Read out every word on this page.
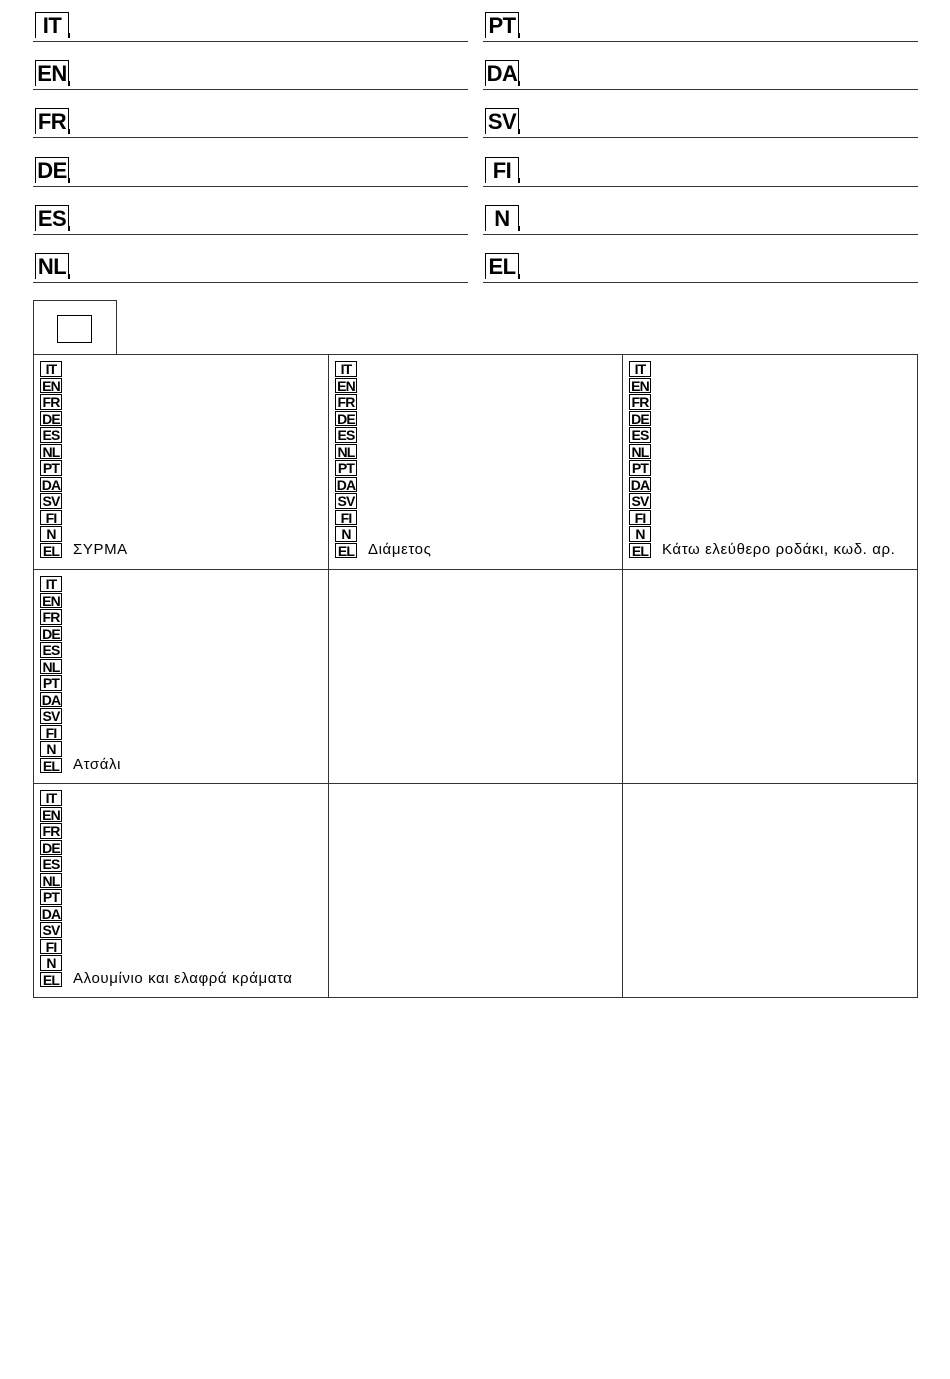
IT
EN
FR
DE
ES
NL
PT
DA
SV
FI
N
EL
IT
EN
FR
DE
ES
NL
PT
DA
SV
FI
N
EL ΣΥΡΜΑ
IT
EN
FR
DE
ES
NL
PT
DA
SV
FI
N
EL Διάμετος
IT
EN
FR
DE
ES
NL
PT
DA
SV
FI
N
EL Κάτω ελεύθερο ροδάκι, κωδ. αρ.
IT
EN
FR
DE
ES
NL
PT
DA
SV
FI
N
EL Ατσάλι
IT
EN
FR
DE
ES
NL
PT
DA
SV
FI
N
EL Αλουμίνιο και ελαφρά κράματα
